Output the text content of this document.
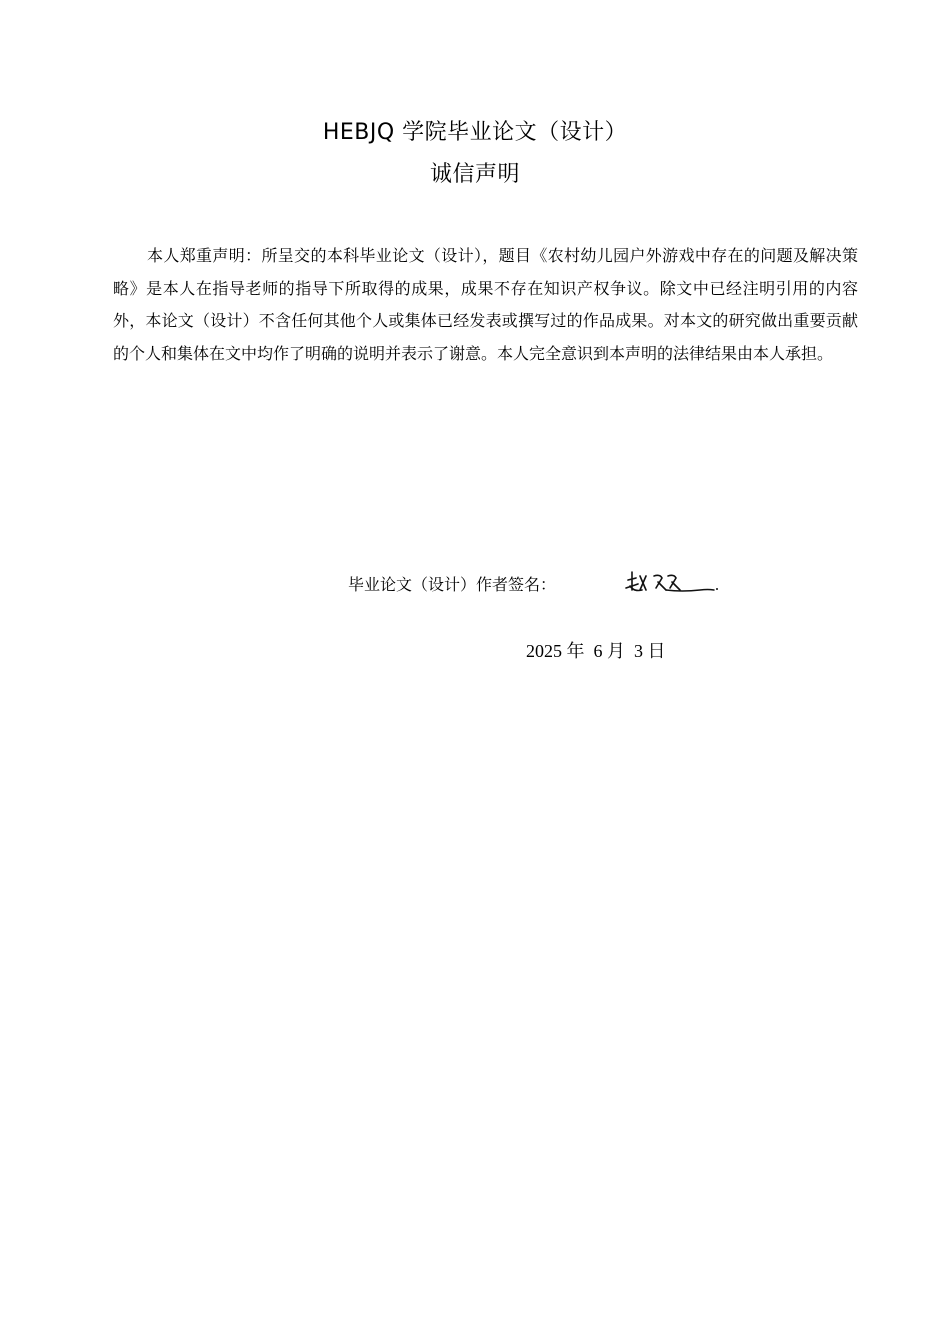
HEBJQ 学院毕业论文（设计）
诚信声明
本人郑重声明：所呈交的本科毕业论文（设计），题目《农村幼儿园户外游戏中存在的问题及解决策略》是本人在指导老师的指导下所取得的成果，成果不存在知识产权争议。除文中已经注明引用的内容外，本论文（设计）不含任何其他个人或集体已经发表或撰写过的作品成果。对本文的研究做出重要贡献的个人和集体在文中均作了明确的说明并表示了谢意。本人完全意识到本声明的法律结果由本人承担。
毕业论文（设计）作者签名：
2025 年 6 月 3 日
